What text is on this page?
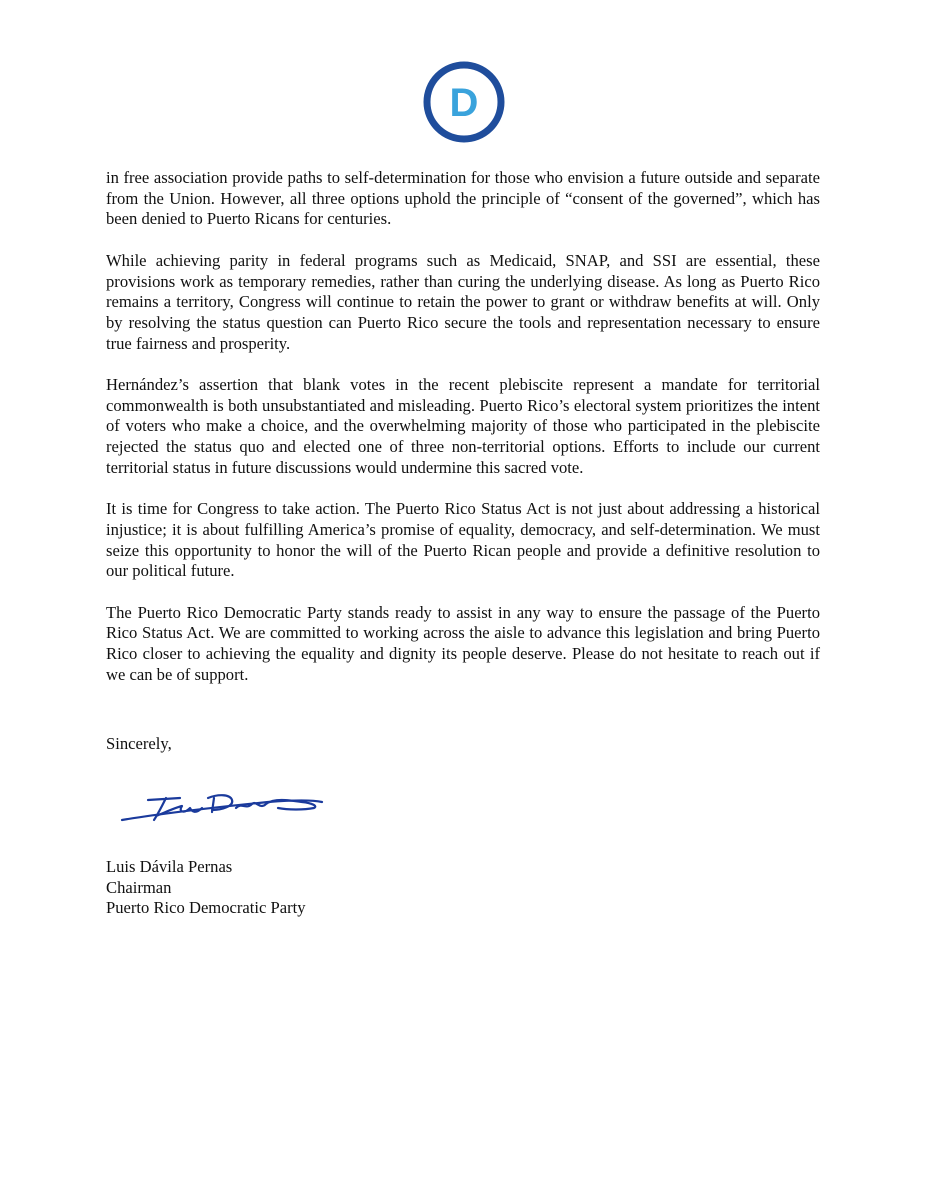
D

in free association provide paths to self-determination for those who envision a future outside and separate from the Union. However, all three options uphold the principle of “consent of the governed”, which has been denied to Puerto Ricans for centuries.

While achieving parity in federal programs such as Medicaid, SNAP, and SSI are essential, these provisions work as temporary remedies, rather than curing the underlying disease. As long as Puerto Rico remains a territory, Congress will continue to retain the power to grant or withdraw benefits at will. Only by resolving the status question can Puerto Rico secure the tools and representation necessary to ensure true fairness and prosperity.

Hernández’s assertion that blank votes in the recent plebiscite represent a mandate for territorial commonwealth is both unsubstantiated and misleading. Puerto Rico’s electoral system prioritizes the intent of voters who make a choice, and the overwhelming majority of those who participated in the plebiscite rejected the status quo and elected one of three non-territorial options. Efforts to include our current territorial status in future discussions would undermine this sacred vote.

It is time for Congress to take action. The Puerto Rico Status Act is not just about addressing a historical injustice; it is about fulfilling America’s promise of equality, democracy, and self-determination. We must seize this opportunity to honor the will of the Puerto Rican people and provide a definitive resolution to our political future.

The Puerto Rico Democratic Party stands ready to assist in any way to ensure the passage of the Puerto Rico Status Act. We are committed to working across the aisle to advance this legislation and bring Puerto Rico closer to achieving the equality and dignity its people deserve. Please do not hesitate to reach out if we can be of support.

Sincerely,
Luis Dávila Pernas
Chairman
Puerto Rico Democratic Party
